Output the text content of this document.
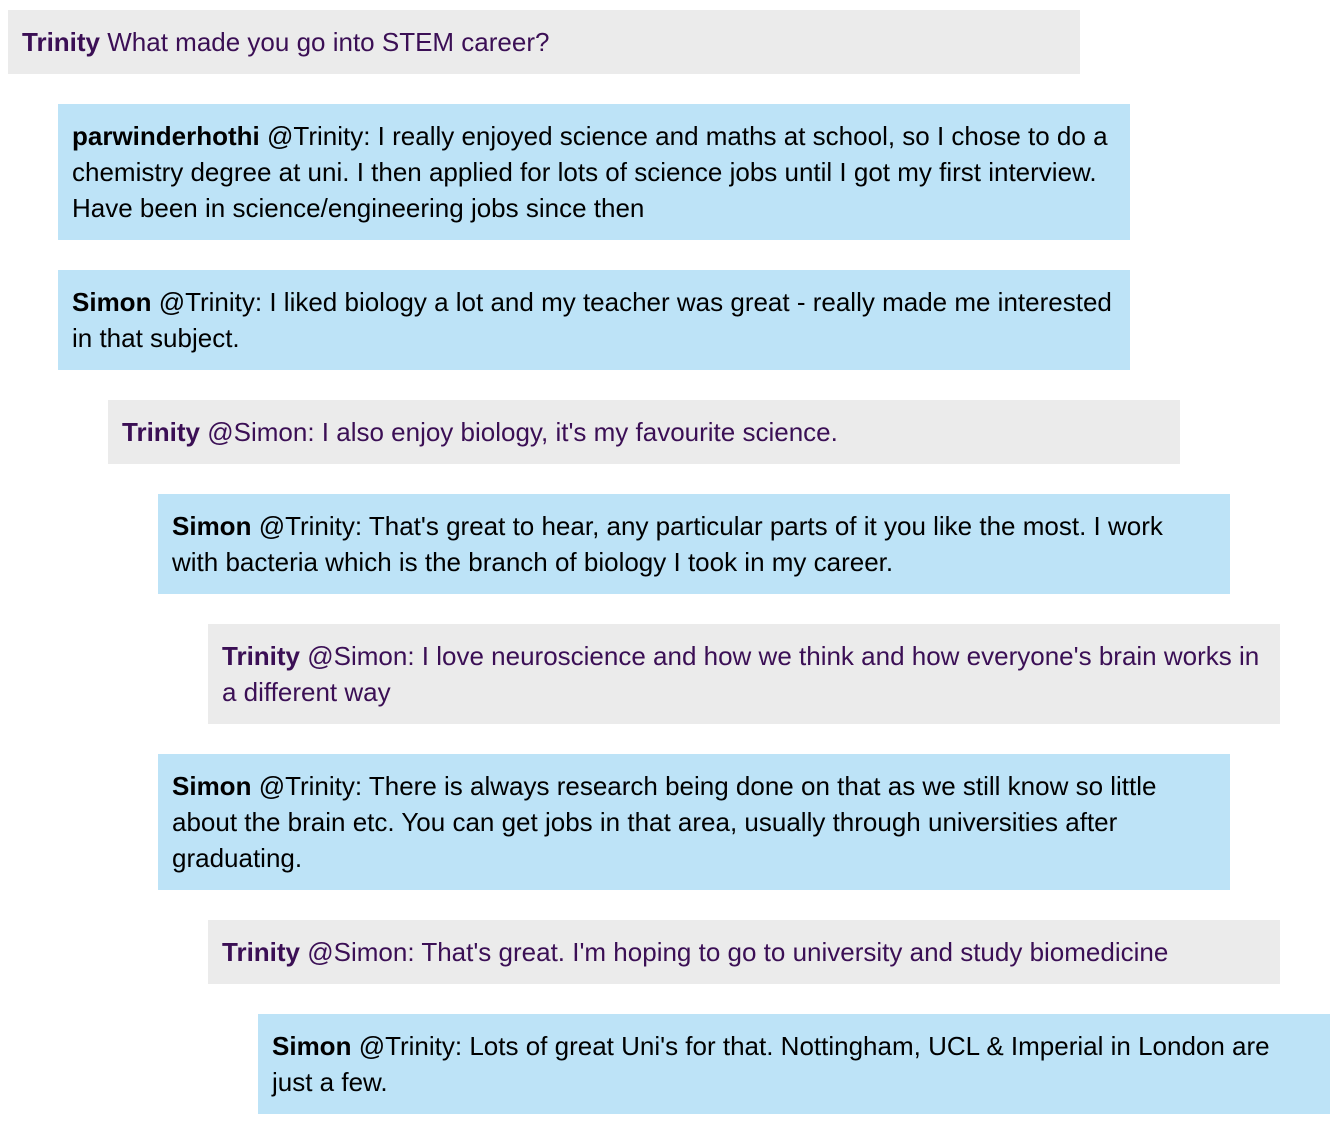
Trinity What made you go into STEM career?
parwinderhothi @Trinity: I really enjoyed science and maths at school, so I chose to do a chemistry degree at uni. I then applied for lots of science jobs until I got my first interview. Have been in science/engineering jobs since then
Simon @Trinity: I liked biology a lot and my teacher was great - really made me interested in that subject.
Trinity @Simon: I also enjoy biology, it's my favourite science.
Simon @Trinity: That's great to hear, any particular parts of it you like the most. I work with bacteria which is the branch of biology I took in my career.
Trinity @Simon: I love neuroscience and how we think and how everyone's brain works in a different way
Simon @Trinity: There is always research being done on that as we still know so little about the brain etc. You can get jobs in that area, usually through universities after graduating.
Trinity @Simon: That's great. I'm hoping to go to university and study biomedicine
Simon @Trinity: Lots of great Uni's for that. Nottingham, UCL & Imperial in London are just a few.
